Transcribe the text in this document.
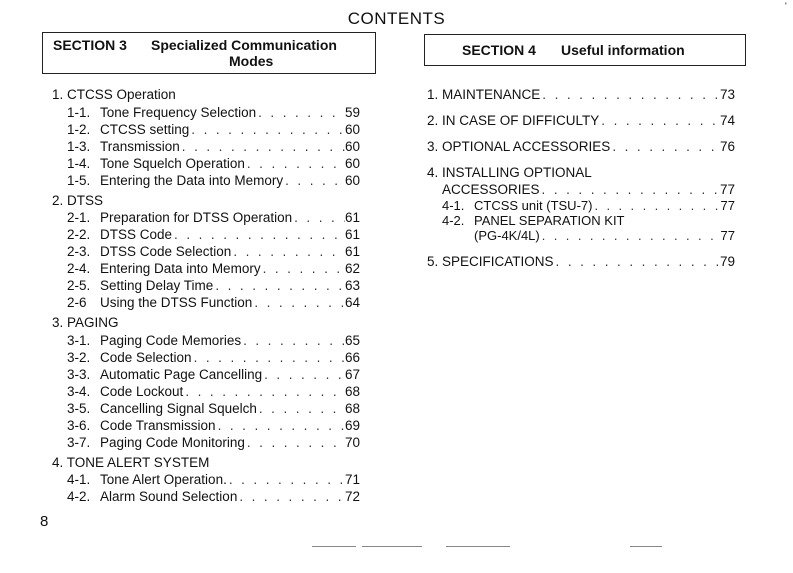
CONTENTS
'
SECTION 3 Specialized Communication
Modes
SECTION 4 Useful information
1. CTCSS Operation
1-1. Tone Frequency Selection . . .	59
1-2. CTCSS setting . . .	60
1-3. Transmission . . .	60
1-4. Tone Squelch Operation . . .	60
1-5. Entering the Data into Memory . . .	60
2. DTSS
2-1. Preparation for DTSS Operation . . .	61
2-2. DTSS Code . . .	61
2-3. DTSS Code Selection . . .	61
2-4. Entering Data into Memory . . .	62
2-5. Setting Delay Time . . .	63
2-6 Using the DTSS Function . . .	64
3. PAGING
3-1. Paging Code Memories . . .	65
3-2. Code Selection . . .	66
3-3. Automatic Page Cancelling . . .	67
3-4. Code Lockout . . .	68
3-5. Cancelling Signal Squelch . . .	68
3-6. Code Transmission . . .	69
3-7. Paging Code Monitoring . . .	70
4. TONE ALERT SYSTEM
4-1. Tone Alert Operation. . . .	71
4-2. Alarm Sound Selection . . .	72
1. MAINTENANCE . . .	73
2. IN CASE OF DIFFICULTY . . .	74
3. OPTIONAL ACCESSORIES . . .	76
4. INSTALLING OPTIONAL
ACCESSORIES . . .	77
4-1. CTCSS unit (TSU-7) . . .	77
4-2. PANEL SEPARATION KIT
(PG-4K/4L) . . .	77
5. SPECIFICATIONS . . .	79
8
